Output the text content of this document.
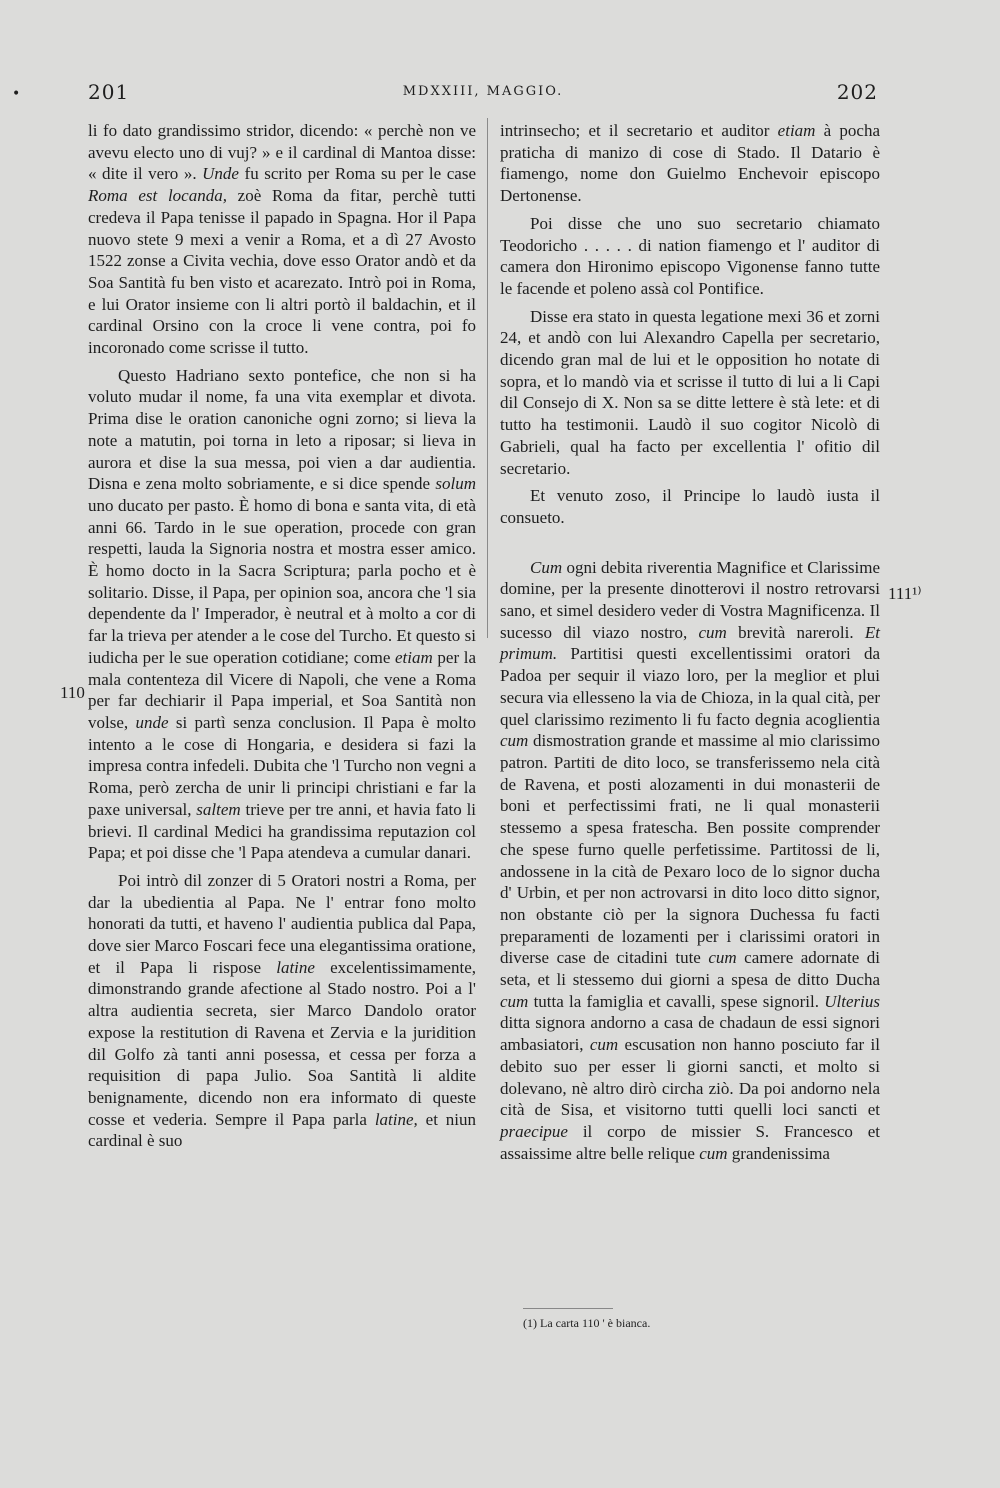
•	201	MDXXIII, MAGGIO.	202

li fo dato grandissimo stridor, dicendo: « perchè non ve avevu electo uno di vuj? » e il cardinal di Mantoa disse: « dite il vero ». Unde fu scrito per Roma su per le case Roma est locanda, zoè Roma da fitar, perchè tutti credeva il Papa tenisse il papado in Spagna. Hor il Papa nuovo stete 9 mexi a venir a Roma, et a dì 27 Avosto 1522 zonse a Civita vechia, dove esso Orator andò et da Soa Santità fu ben visto et acarezato. Intrò poi in Roma, e lui Orator insieme con li altri portò il baldachin, et il cardinal Orsino con la croce li vene contra, poi fo incoronado come scrisse il tutto.

Questo Hadriano sexto pontefice, che non si ha voluto mudar il nome, fa una vita exemplar et divota. Prima dise le oration canoniche ogni zorno; si lieva la note a matutin, poi torna in leto a riposar; si lieva in aurora et dise la sua messa, poi vien a dar audientia. Disna e zena molto sobriamente, e si dice spende solum uno ducato per pasto. È homo di bona e santa vita, di età anni 66. Tardo in le sue operation, procede con gran respetti, lauda la Signoria nostra et mostra esser amico. È homo docto in la Sacra Scriptura; parla pocho et è solitario. Disse, il Papa, per opinion soa, ancora che 'l sia dependente da l' Imperador, è neutral et à molto a cor di far la trieva per atender a le cose del Turcho. Et questo si iudicha per le sue operation cotidiane; come etiam per la mala contenteza dil Vicere di Napoli, che vene a Roma per far dechiarir il Papa imperial, et Soa Santità non volse, unde si partì senza conclusion. Il Papa è molto intento a le cose di Hongaria, e desidera si fazi la impresa contra infedeli. Dubita che 'l Turcho non vegni a Roma, però zercha de unir li principi christiani e far la paxe universal, saltem trieve per tre anni, et havia fato li brievi. Il cardinal Medici ha grandissima reputazion col Papa; et poi disse che 'l Papa atendeva a cumular danari.

Poi intrò dil zonzer di 5 Oratori nostri a Roma, per dar la ubedientia al Papa. Ne l' entrar fono molto honorati da tutti, et haveno l' audientia publica dal Papa, dove sier Marco Foscari fece una elegantissima oratione, et il Papa li rispose latine excelentissimamente, dimonstrando grande afectione al Stado nostro. Poi a l' altra audientia secreta, sier Marco Dandolo orator expose la restitution di Ravena et Zervia e la juridition dil Golfo zà tanti anni posessa, et cessa per forza a requisition di papa Julio. Soa Santità li aldite benignamente, dicendo non era informato di queste cosse et vederia. Sempre il Papa parla latine, et niun cardinal è suo

intrinsecho; et il secretario et auditor etiam à pocha praticha di manizo di cose di Stado. Il Datario è fiamengo, nome don Guielmo Enchevoir episcopo Dertonense.

Poi disse che uno suo secretario chiamato Teodoricho . . . . . di nation fiamengo et l' auditor di camera don Hironimo episcopo Vigonense fanno tutte le facende et poleno assà col Pontifice.

Disse era stato in questa legatione mexi 36 et zorni 24, et andò con lui Alexandro Capella per secretario, dicendo gran mal de lui et le opposition ho notate di sopra, et lo mandò via et scrisse il tutto di lui a li Capi dil Consejo di X. Non sa se ditte lettere è stà lete: et di tutto ha testimonii. Laudò il suo cogitor Nicolò di Gabrieli, qual ha facto per excellentia l' ofitio dil secretario.

Et venuto zoso, il Principe lo laudò iusta il consueto.

Cum ogni debita riverentia Magnifice et Clarissime domine, per la presente dinotterovi il nostro retrovarsi sano, et simel desidero veder di Vostra Magnificenza. Il sucesso dil viazo nostro, cum brevità nareroli. Et primum. Partitisi questi excellentissimi oratori da Padoa per sequir il viazo loro, per la meglior et plui secura via ellesseno la via de Chioza, in la qual cità, per quel clarissimo rezimento li fu facto degnia acoglientia cum dismostration grande et massime al mio clarissimo patron. Partiti de dito loco, se transferissemo nela cità de Ravena, et posti alozamenti in dui monasterii de boni et perfectissimi frati, ne li qual monasterii stessemo a spesa fratescha. Ben possite comprender che spese furno quelle perfetissime. Partitossi de li, andossene in la cità de Pexaro loco de lo signor ducha d' Urbin, et per non actrovarsi in dito loco ditto signor, non obstante ciò per la signora Duchessa fu facti preparamenti de lozamenti per i clarissimi oratori in diverse case de citadini tute cum camere adornate di seta, et li stessemo dui giorni a spesa de ditto Ducha cum tutta la famiglia et cavalli, spese signoril. Ulterius ditta signora andorno a casa de chadaun de essi signori ambasiatori, cum escusation non hanno posciuto far il debito suo per esser li giorni sancti, et molto si dolevano, nè altro dirò circha ziò. Da poi andorno nela cità de Sisa, et visitorno tutti quelli loci sancti et praecipue il corpo de missier S. Francesco et assaissime altre belle relique cum grandenissima

110
111¹⁾
(1) La carta 110 ' è bianca.
